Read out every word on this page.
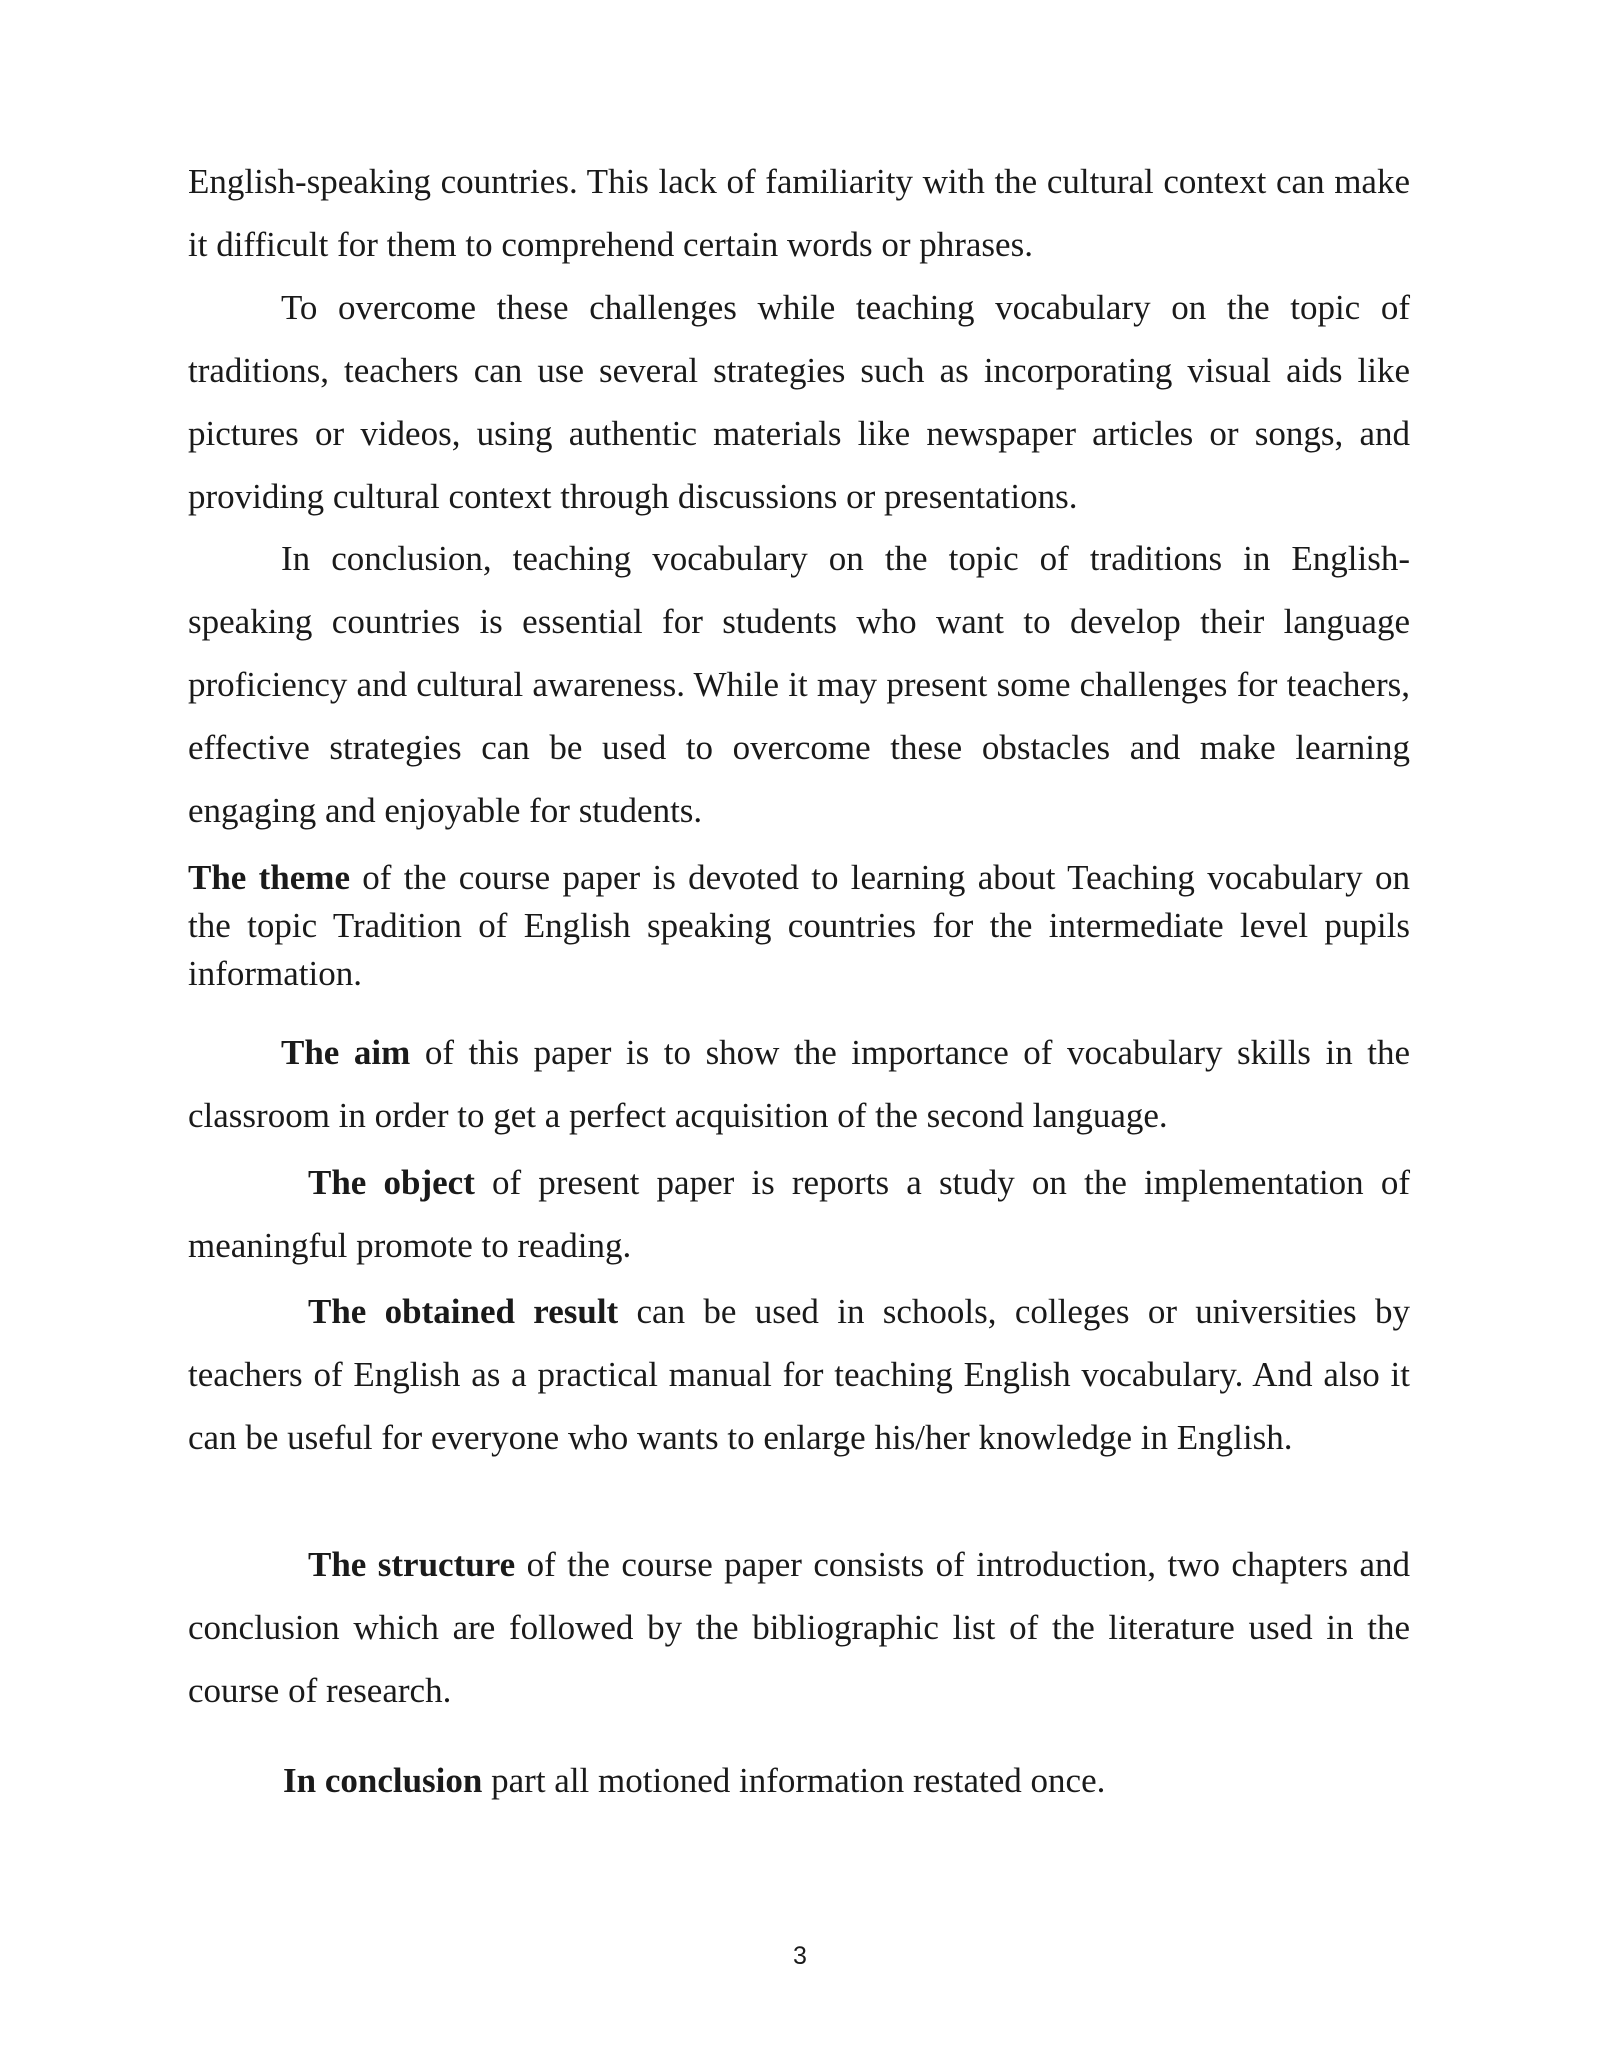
English-speaking countries. This lack of familiarity with the cultural context can make it difficult for them to comprehend certain words or phrases.

To overcome these challenges while teaching vocabulary on the topic of traditions, teachers can use several strategies such as incorporating visual aids like pictures or videos, using authentic materials like newspaper articles or songs, and providing cultural context through discussions or presentations.

In conclusion, teaching vocabulary on the topic of traditions in English-speaking countries is essential for students who want to develop their language proficiency and cultural awareness. While it may present some challenges for teachers, effective strategies can be used to overcome these obstacles and make learning engaging and enjoyable for students.

The theme of the course paper is devoted to learning about Teaching vocabulary on the topic Tradition of English speaking countries for the intermediate level pupils information.

The aim of this paper is to show the importance of vocabulary skills in the classroom in order to get a perfect acquisition of the second language.

The object of present paper is reports a study on the implementation of meaningful promote to reading.

The obtained result can be used in schools, colleges or universities by teachers of English as a practical manual for teaching English vocabulary. And also it can be useful for everyone who wants to enlarge his/her knowledge in English.

The structure of the course paper consists of introduction, two chapters and conclusion which are followed by the bibliographic list of the literature used in the course of research.

In conclusion part all motioned information restated once.

3
